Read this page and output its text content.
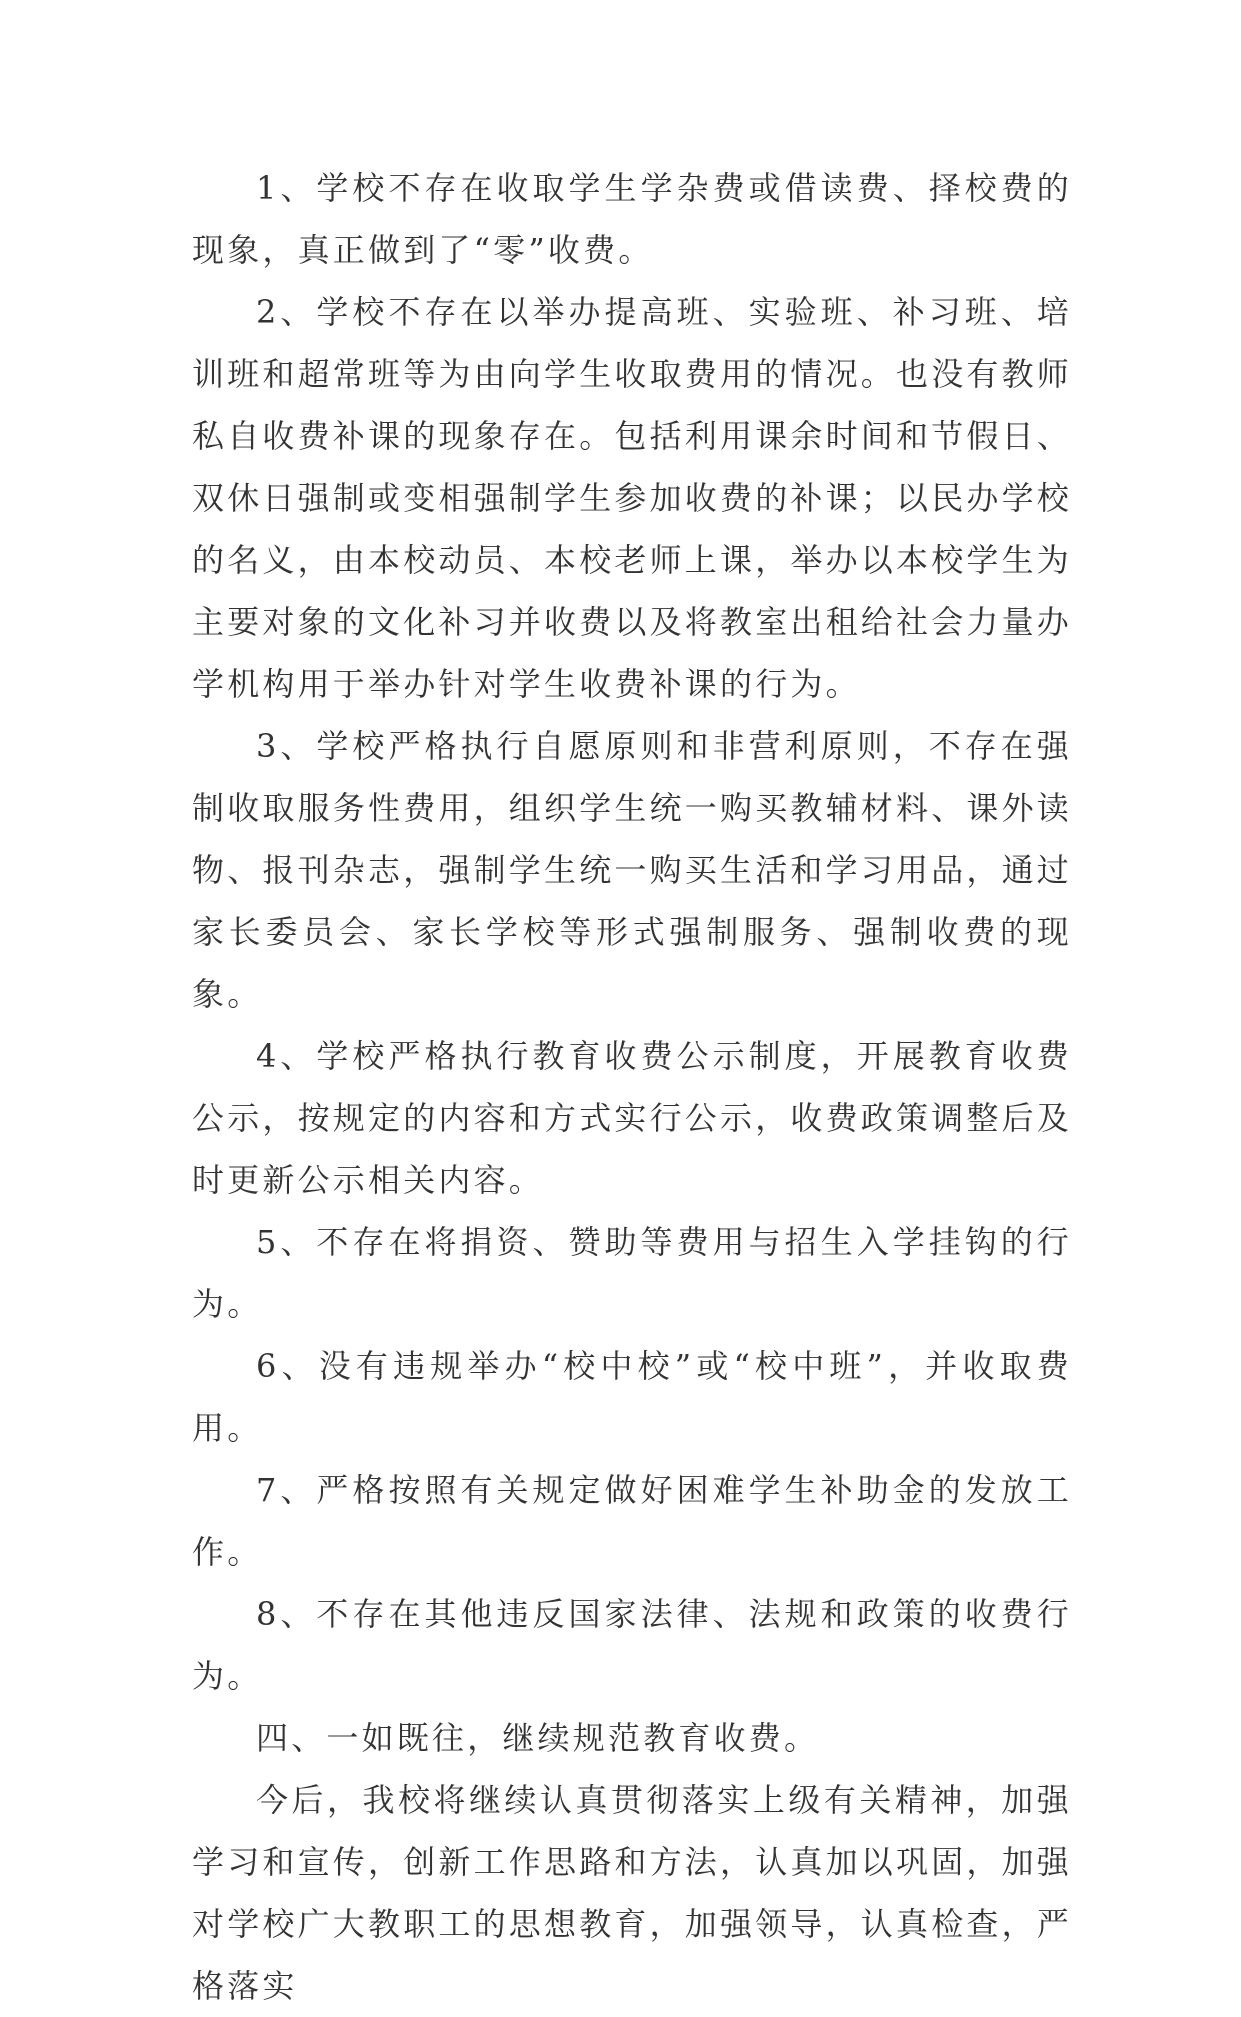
1、学校不存在收取学生学杂费或借读费、择校费的现象，真正做到了“零”收费。

2、学校不存在以举办提高班、实验班、补习班、培训班和超常班等为由向学生收取费用的情况。也没有教师私自收费补课的现象存在。包括利用课余时间和节假日、双休日强制或变相强制学生参加收费的补课；以民办学校的名义，由本校动员、本校老师上课，举办以本校学生为主要对象的文化补习并收费以及将教室出租给社会力量办学机构用于举办针对学生收费补课的行为。

3、学校严格执行自愿原则和非营利原则，不存在强制收取服务性费用，组织学生统一购买教辅材料、课外读物、报刊杂志，强制学生统一购买生活和学习用品，通过家长委员会、家长学校等形式强制服务、强制收费的现象。

4、学校严格执行教育收费公示制度，开展教育收费公示，按规定的内容和方式实行公示，收费政策调整后及时更新公示相关内容。

5、不存在将捐资、赞助等费用与招生入学挂钩的行为。

6、没有违规举办“校中校”或“校中班”，并收取费用。

7、严格按照有关规定做好困难学生补助金的发放工作。

8、不存在其他违反国家法律、法规和政策的收费行为。

四、一如既往，继续规范教育收费。

今后，我校将继续认真贯彻落实上级有关精神，加强学习和宣传，创新工作思路和方法，认真加以巩固，加强对学校广大教职工的思想教育，加强领导，认真检查，严格落实
